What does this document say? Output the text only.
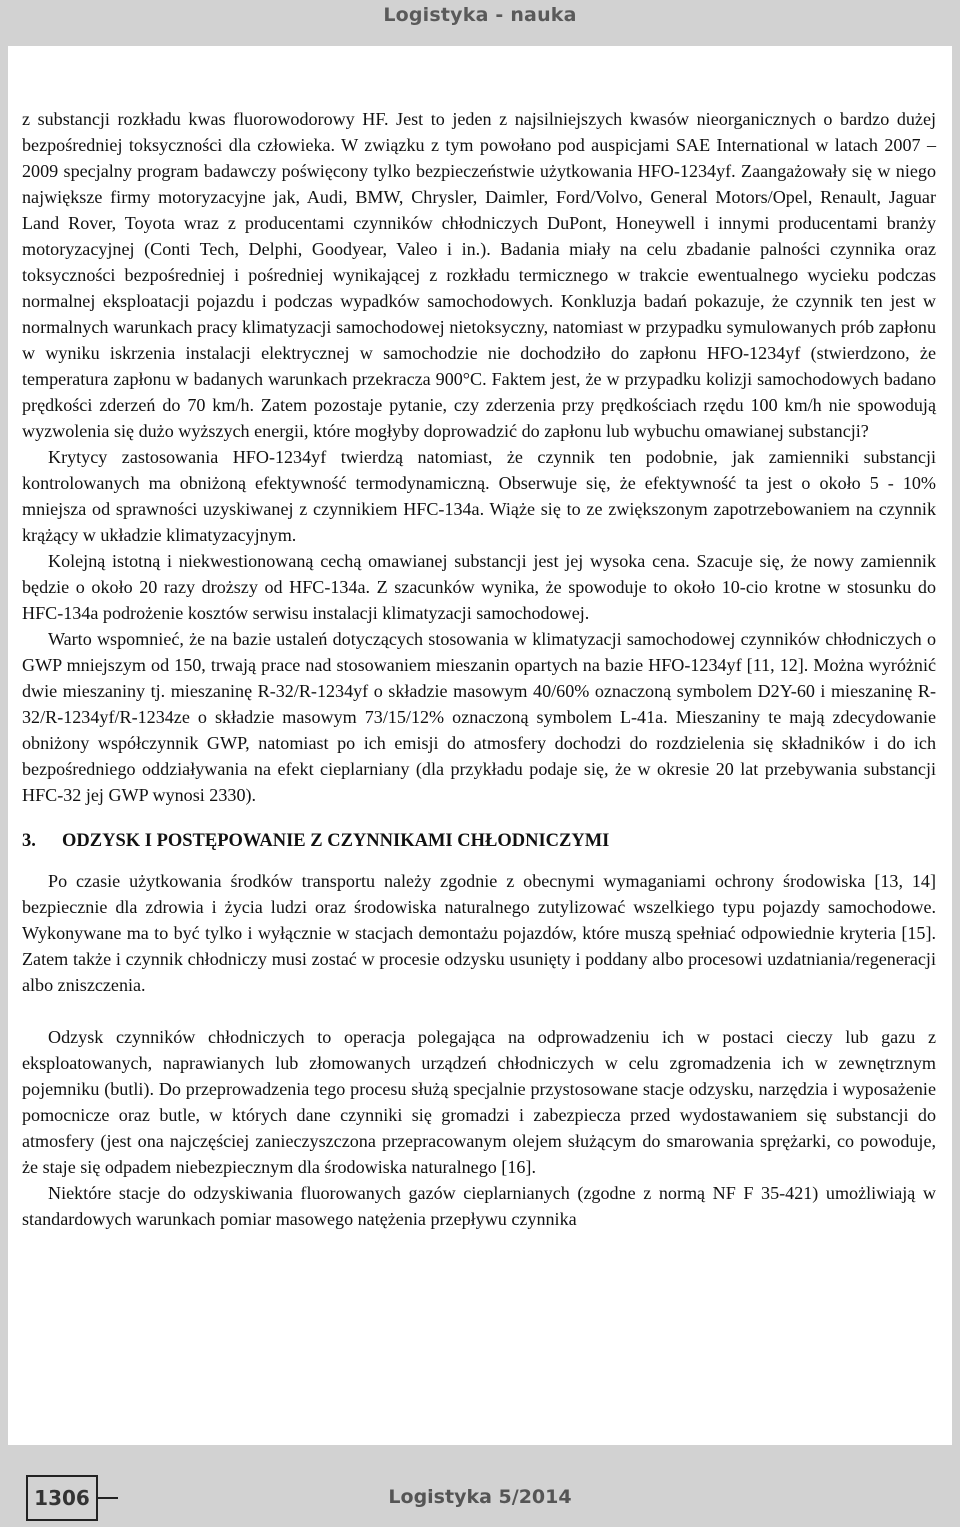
Logistyka - nauka

z substancji rozkładu kwas fluorowodorowy HF. Jest to jeden z najsilniejszych kwasów nieorganicznych o bardzo dużej bezpośredniej toksyczności dla człowieka. W związku z tym powołano pod auspicjami SAE International w latach 2007 – 2009 specjalny program badawczy poświęcony tylko bezpieczeństwie użytkowania HFO-1234yf. Zaangażowały się w niego największe firmy motoryzacyjne jak, Audi, BMW, Chrysler, Daimler, Ford/Volvo, General Motors/Opel, Renault, Jaguar Land Rover, Toyota wraz z producentami czynników chłodniczych DuPont, Honeywell i innymi producentami branży motoryzacyjnej (Conti Tech, Delphi, Goodyear, Valeo i in.). Badania miały na celu zbadanie palności czynnika oraz toksyczności bezpośredniej i pośredniej wynikającej z rozkładu termicznego w trakcie ewentualnego wycieku podczas normalnej eksploatacji pojazdu i podczas wypadków samochodowych. Konkluzja badań pokazuje, że czynnik ten jest w normalnych warunkach pracy klimatyzacji samochodowej nietoksyczny, natomiast w przypadku symulowanych prób zapłonu w wyniku iskrzenia instalacji elektrycznej w samochodzie nie dochodziło do zapłonu HFO-1234yf (stwierdzono, że temperatura zapłonu w badanych warunkach przekracza 900°C. Faktem jest, że w przypadku kolizji samochodowych badano prędkości zderzeń do 70 km/h. Zatem pozostaje pytanie, czy zderzenia przy prędkościach rzędu 100 km/h nie spowodują wyzwolenia się dużo wyższych energii, które mogłyby doprowadzić do zapłonu lub wybuchu omawianej substancji?

Krytycy zastosowania HFO-1234yf twierdzą natomiast, że czynnik ten podobnie, jak zamienniki substancji kontrolowanych ma obniżoną efektywność termodynamiczną. Obserwuje się, że efektywność ta jest o około 5 - 10% mniejsza od sprawności uzyskiwanej z czynnikiem HFC-134a. Wiąże się to ze zwiększonym zapotrzebowaniem na czynnik krążący w układzie klimatyzacyjnym.

Kolejną istotną i niekwestionowaną cechą omawianej substancji jest jej wysoka cena. Szacuje się, że nowy zamiennik będzie o około 20 razy droższy od HFC-134a. Z szacunków wynika, że spowoduje to około 10-cio krotne w stosunku do HFC-134a podrożenie kosztów serwisu instalacji klimatyzacji samochodowej.

Warto wspomnieć, że na bazie ustaleń dotyczących stosowania w klimatyzacji samochodowej czynników chłodniczych o GWP mniejszym od 150, trwają prace nad stosowaniem mieszanin opartych na bazie HFO-1234yf [11, 12]. Można wyróżnić dwie mieszaniny tj. mieszaninę R-32/R-1234yf o składzie masowym 40/60% oznaczoną symbolem D2Y-60 i mieszaninę R-32/R-1234yf/R-1234ze o składzie masowym 73/15/12% oznaczoną symbolem L-41a. Mieszaniny te mają zdecydowanie obniżony współczynnik GWP, natomiast po ich emisji do atmosfery dochodzi do rozdzielenia się składników i do ich bezpośredniego oddziaływania na efekt cieplarniany (dla przykładu podaje się, że w okresie 20 lat przebywania substancji HFC-32 jej GWP wynosi 2330).

3. ODZYSK I POSTĘPOWANIE Z CZYNNIKAMI CHŁODNICZYMI

Po czasie użytkowania środków transportu należy zgodnie z obecnymi wymaganiami ochrony środowiska [13, 14] bezpiecznie dla zdrowia i życia ludzi oraz środowiska naturalnego zutylizować wszelkiego typu pojazdy samochodowe. Wykonywane ma to być tylko i wyłącznie w stacjach demontażu pojazdów, które muszą spełniać odpowiednie kryteria [15]. Zatem także i czynnik chłodniczy musi zostać w procesie odzysku usunięty i poddany albo procesowi uzdatniania/regeneracji albo zniszczenia.

Odzysk czynników chłodniczych to operacja polegająca na odprowadzeniu ich w postaci cieczy lub gazu z eksploatowanych, naprawianych lub złomowanych urządzeń chłodniczych w celu zgromadzenia ich w zewnętrznym pojemniku (butli). Do przeprowadzenia tego procesu służą specjalnie przystosowane stacje odzysku, narzędzia i wyposażenie pomocnicze oraz butle, w których dane czynniki się gromadzi i zabezpiecza przed wydostawaniem się substancji do atmosfery (jest ona najczęściej zanieczyszczona przepracowanym olejem służącym do smarowania sprężarki, co powoduje, że staje się odpadem niebezpiecznym dla środowiska naturalnego [16].

Niektóre stacje do odzyskiwania fluorowanych gazów cieplarnianych (zgodne z normą NF F 35-421) umożliwiają w standardowych warunkach pomiar masowego natężenia przepływu czynnika

1306	Logistyka 5/2014
